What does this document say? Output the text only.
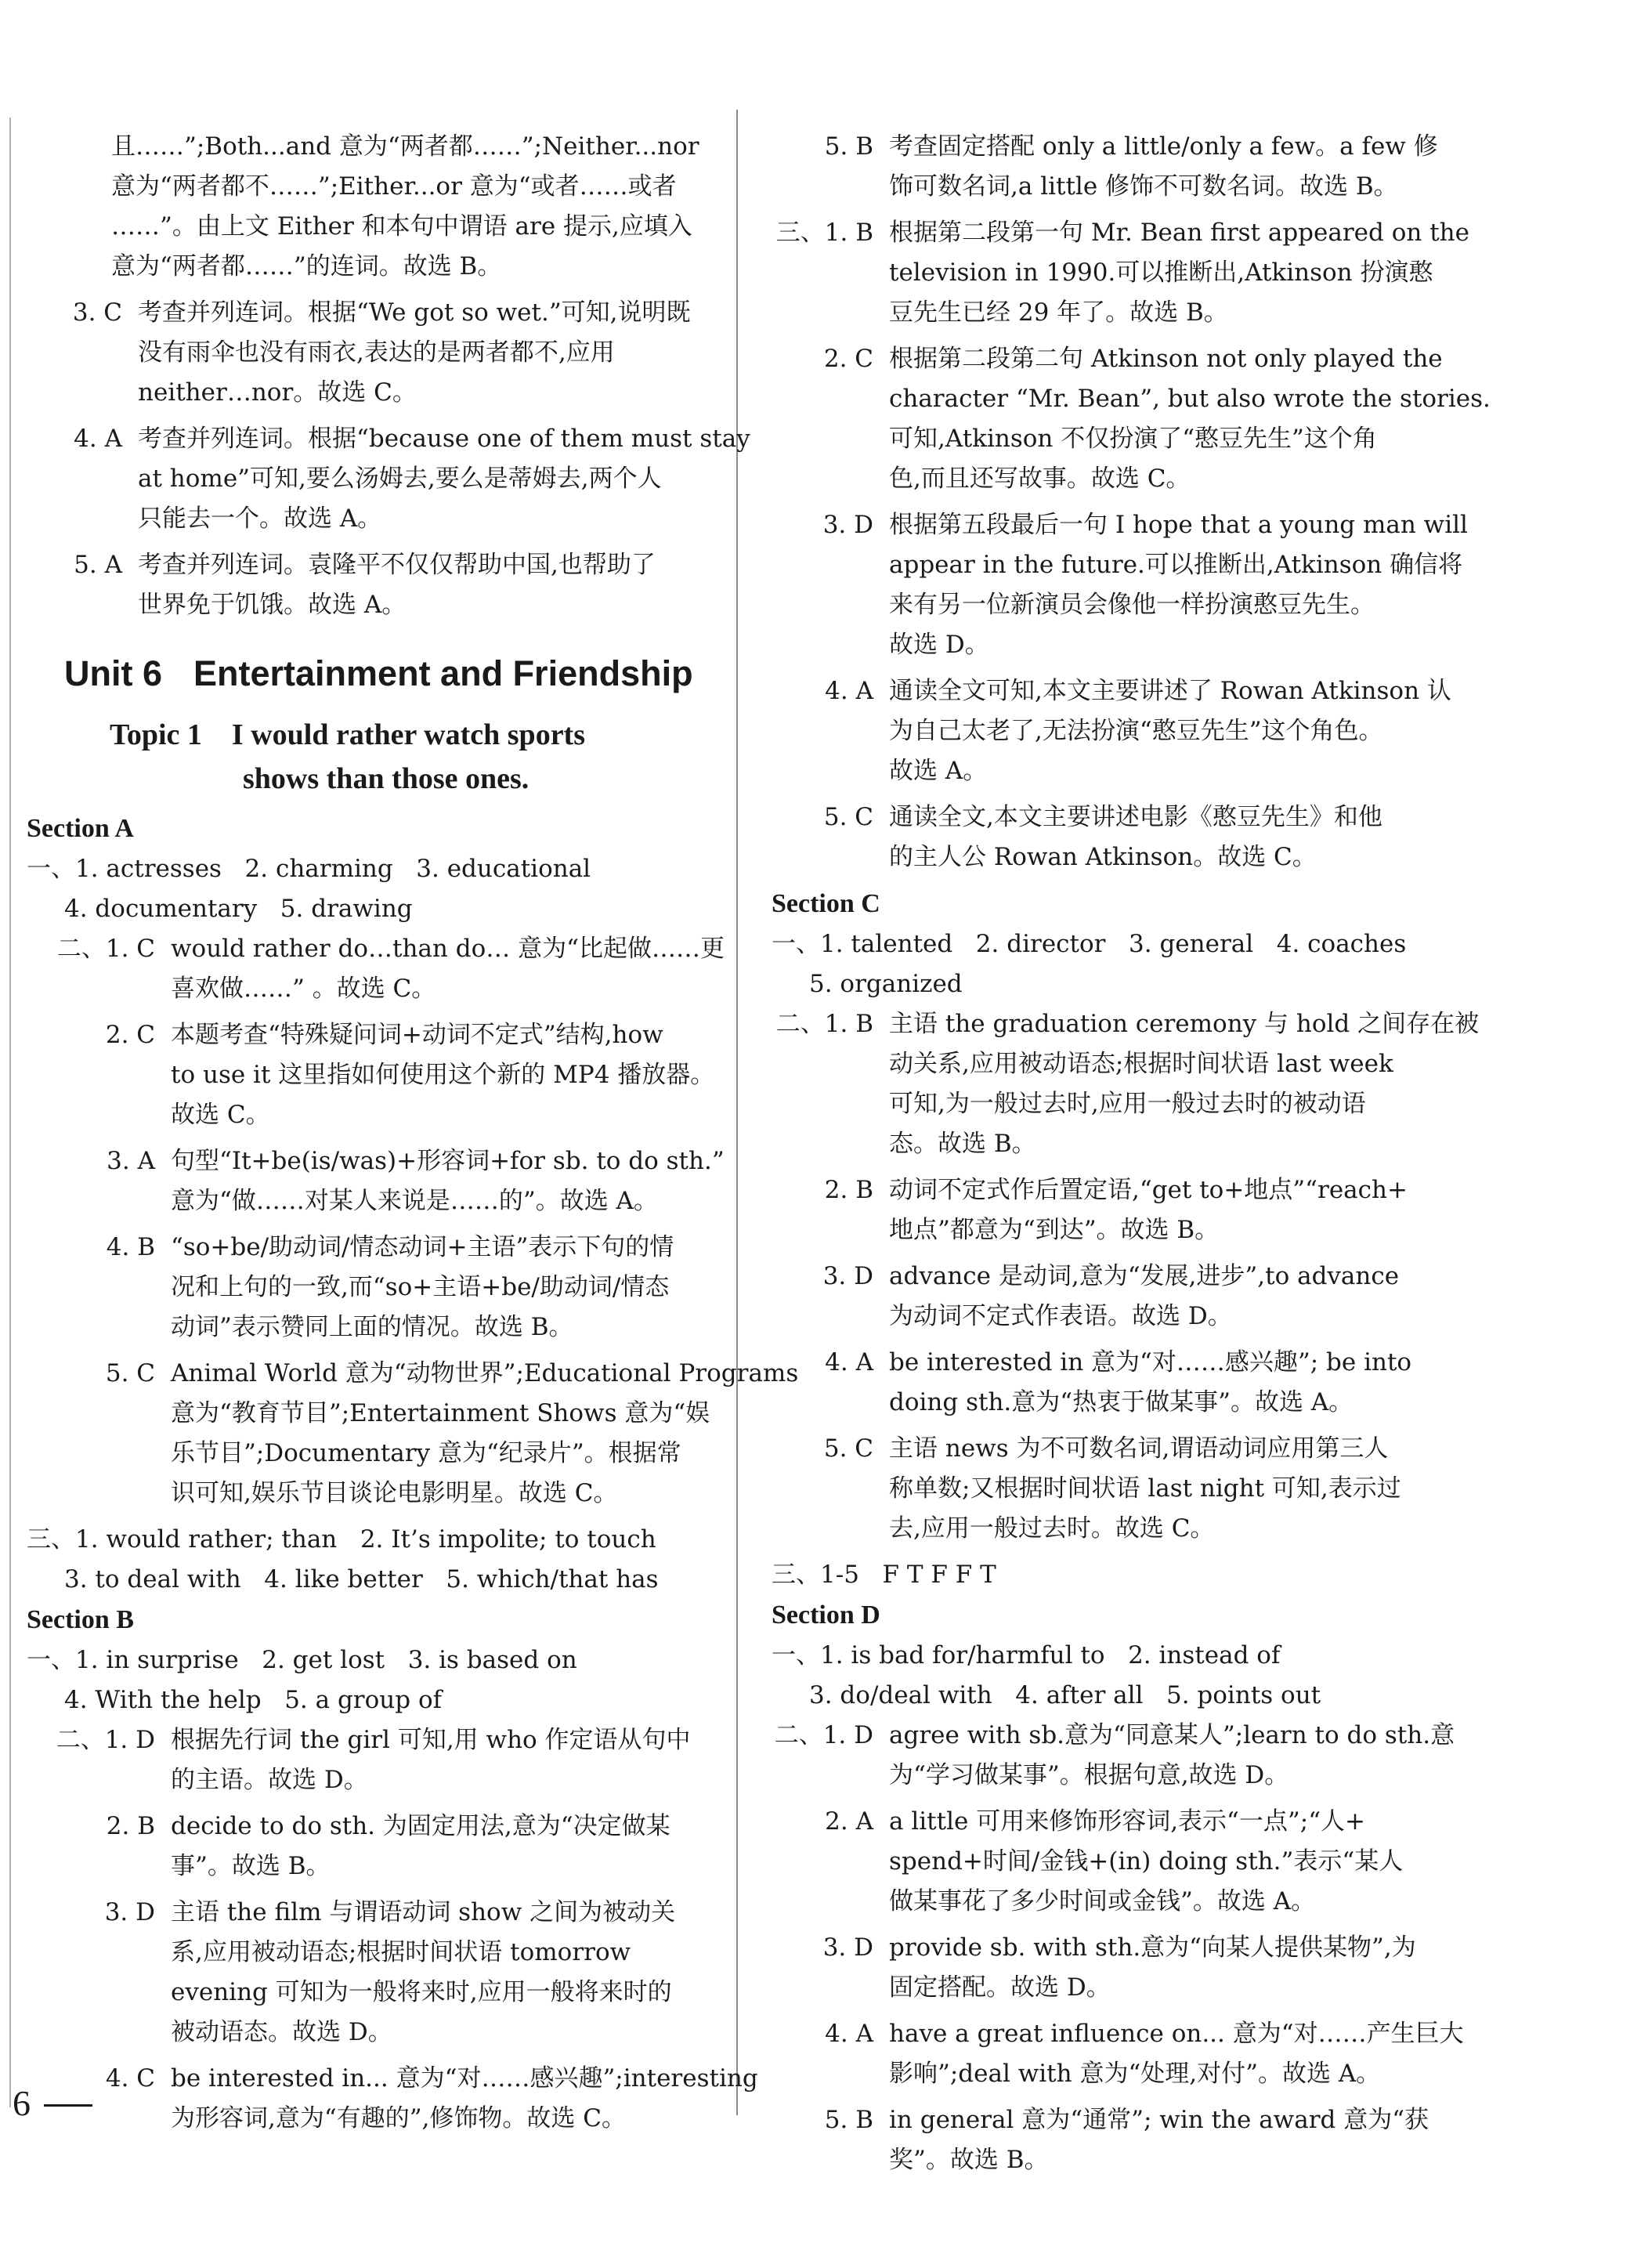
且……”;Both...and 意为“两者都……”;Neither...nor
意为“两者都不……”;Either...or 意为“或者……或者
……”。由上文 Either 和本句中谓语 are 提示,应填入
意为“两者都……”的连词。故选 B。
3. C 考查并列连词。根据“We got so wet.”可知,说明既
没有雨伞也没有雨衣,表达的是两者都不,应用
neither…nor。故选 C。
4. A 考查并列连词。根据“because one of them must stay
at home”可知,要么汤姆去,要么是蒂姆去,两个人
只能去一个。故选 A。
5. A 考查并列连词。袁隆平不仅仅帮助中国,也帮助了
世界免于饥饿。故选 A。
Unit 6 Entertainment and Friendship
Topic 1    I would rather watch sports
shows than those ones.
Section A
一、1. actresses   2. charming   3. educational
4. documentary   5. drawing
二、1. C would rather do…than do… 意为“比起做……更
喜欢做……” 。故选 C。
2. C 本题考查“特殊疑问词+动词不定式”结构,how
to use it 这里指如何使用这个新的 MP4 播放器。
故选 C。
3. A 句型“It+be(is/was)+形容词+for sb. to do sth.”
意为“做……对某人来说是……的”。故选 A。
4. B “so+be/助动词/情态动词+主语”表示下句的情
况和上句的一致,而“so+主语+be/助动词/情态
动词”表示赞同上面的情况。故选 B。
5. C Animal World 意为“动物世界”;Educational Programs
意为“教育节目”;Entertainment Shows 意为“娱
乐节目”;Documentary 意为“纪录片”。根据常
识可知,娱乐节目谈论电影明星。故选 C。
三、1. would rather; than   2. It’s impolite; to touch
3. to deal with   4. like better   5. which/that has
Section B
一、1. in surprise   2. get lost   3. is based on
4. With the help   5. a group of
二、1. D 根据先行词 the girl 可知,用 who 作定语从句中
的主语。故选 D。
2. B decide to do sth. 为固定用法,意为“决定做某
事”。故选 B。
3. D 主语 the film 与谓语动词 show 之间为被动关
系,应用被动语态;根据时间状语 tomorrow
evening 可知为一般将来时,应用一般将来时的
被动语态。故选 D。
4. C be interested in... 意为“对……感兴趣”;interesting
为形容词,意为“有趣的”,修饰物。故选 C。
5. B 考查固定搭配 only a little/only a few。a few 修
饰可数名词,a little 修饰不可数名词。故选 B。
三、1. B 根据第二段第一句 Mr. Bean first appeared on the
television in 1990.可以推断出,Atkinson 扮演憨
豆先生已经 29 年了。故选 B。
2. C 根据第二段第二句 Atkinson not only played the
character “Mr. Bean”, but also wrote the stories.
可知,Atkinson 不仅扮演了“憨豆先生”这个角
色,而且还写故事。故选 C。
3. D 根据第五段最后一句 I hope that a young man will
appear in the future.可以推断出,Atkinson 确信将
来有另一位新演员会像他一样扮演憨豆先生。
故选 D。
4. A 通读全文可知,本文主要讲述了 Rowan Atkinson 认
为自己太老了,无法扮演“憨豆先生”这个角色。
故选 A。
5. C 通读全文,本文主要讲述电影《憨豆先生》和他
的主人公 Rowan Atkinson。故选 C。
Section C
一、1. talented   2. director   3. general   4. coaches
5. organized
二、1. B 主语 the graduation ceremony 与 hold 之间存在被
动关系,应用被动语态;根据时间状语 last week
可知,为一般过去时,应用一般过去时的被动语
态。故选 B。
2. B 动词不定式作后置定语,“get to+地点”“reach+
地点”都意为“到达”。故选 B。
3. D advance 是动词,意为“发展,进步”,to advance
为动词不定式作表语。故选 D。
4. A be interested in 意为“对……感兴趣”; be into
doing sth.意为“热衷于做某事”。故选 A。
5. C 主语 news 为不可数名词,谓语动词应用第三人
称单数;又根据时间状语 last night 可知,表示过
去,应用一般过去时。故选 C。
三、1-5   F T F F T
Section D
一、1. is bad for/harmful to   2. instead of
3. do/deal with   4. after all   5. points out
二、1. D agree with sb.意为“同意某人”;learn to do sth.意
为“学习做某事”。根据句意,故选 D。
2. A a little 可用来修饰形容词,表示“一点”;“人+
spend+时间/金钱+(in) doing sth.”表示“某人
做某事花了多少时间或金钱”。故选 A。
3. D provide sb. with sth.意为“向某人提供某物”,为
固定搭配。故选 D。
4. A have a great influence on... 意为“对……产生巨大
影响”;deal with 意为“处理,对付”。故选 A。
5. B in general 意为“通常”; win the award 意为“获
奖”。故选 B。
6
